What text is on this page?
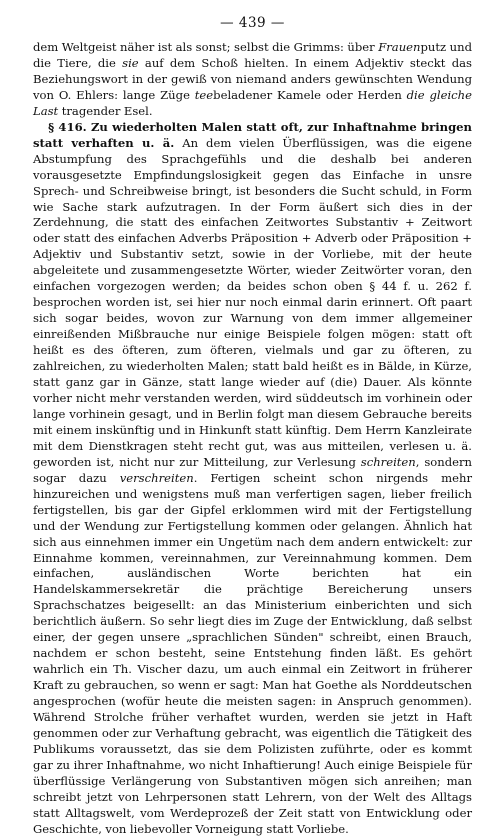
— 439 —

dem Weltgeist näher ist als sonst; selbst die Grimms: über Frauenputz und die Tiere, die sie auf dem Schoß hielten. In einem Adjektiv steckt das Beziehungswort in der gewiß von niemand anders gewünschten Wendung von O. Ehlers: lange Züge teebeladener Kamele oder Herden die gleiche Last tragender Esel.

§ 416. Zu wiederholten Malen statt oft, zur Inhaftnahme bringen statt verhaften u. ä. An dem vielen Überflüssigen, was die eigene Abstumpfung des Sprachgefühls und die deshalb bei anderen vorausgesetzte Empfindungslosigkeit gegen das Einfache in unsre Sprech- und Schreibweise bringt, ist besonders die Sucht schuld, in Form wie Sache stark aufzutragen. In der Form äußert sich dies in der Zerdehnung, die statt des einfachen Zeitwortes Substantiv + Zeitwort oder statt des einfachen Adverbs Präposition + Adverb oder Präposition + Adjektiv und Substantiv setzt, sowie in der Vorliebe, mit der heute abgeleitete und zusammengesetzte Wörter, wieder Zeitwörter voran, den einfachen vorgezogen werden; da beides schon oben § 44 f. u. 262 f. besprochen worden ist, sei hier nur noch einmal darin erinnert. Oft paart sich sogar beides, wovon zur Warnung von dem immer allgemeiner einreißenden Mißbrauche nur einige Beispiele folgen mögen: statt oft heißt es des öfteren, zum öfteren, vielmals und gar zu öfteren, zu zahlreichen, zu wiederholten Malen; statt bald heißt es in Bälde, in Kürze, statt ganz gar in Gänze, statt lange wieder auf (die) Dauer. Als könnte vorher nicht mehr verstanden werden, wird süddeutsch im vorhinein oder lange vorhinein gesagt, und in Berlin folgt man diesem Gebrauche bereits mit einem inskünftig und in Hinkunft statt künftig. Dem Herrn Kanzleirate mit dem Dienstkragen steht recht gut, was aus mitteilen, verlesen u. ä. geworden ist, nicht nur zur Mitteilung, zur Verlesung schreiten, sondern sogar dazu verschreiten. Fertigen scheint schon nirgends mehr hinzureichen und wenigstens muß man verfertigen sagen, lieber freilich fertigstellen, bis gar der Gipfel erklommen wird mit der Fertigstellung und der Wendung zur Fertigstellung kommen oder gelangen. Ähnlich hat sich aus einnehmen immer ein Ungetüm nach dem andern entwickelt: zur Einnahme kommen, vereinnahmen, zur Vereinnahmung kommen. Dem einfachen, ausländischen Worte berichten hat ein Handelskammersekretär die prächtige Bereicherung unsers Sprachschatzes beigesellt: an das Ministerium einberichten und sich berichtlich äußern. So sehr liegt dies im Zuge der Entwicklung, daß selbst einer, der gegen unsere „sprachlichen Sünden" schreibt, einen Brauch, nachdem er schon besteht, seine Entstehung finden läßt. Es gehört wahrlich ein Th. Vischer dazu, um auch einmal ein Zeitwort in früherer Kraft zu gebrauchen, so wenn er sagt: Man hat Goethe als Norddeutschen angesprochen (wofür heute die meisten sagen: in Anspruch genommen). Während Strolche früher verhaftet wurden, werden sie jetzt in Haft genommen oder zur Verhaftung gebracht, was eigentlich die Tätigkeit des Publikums voraussetzt, das sie dem Polizisten zuführte, oder es kommt gar zu ihrer Inhaftnahme, wo nicht Inhaftierung! Auch einige Beispiele für überflüssige Verlängerung von Substantiven mögen sich anreihen; man schreibt jetzt von Lehrpersonen statt Lehrern, von der Welt des Alltags statt Alltagswelt, vom Werdeprozeß der Zeit statt von Entwicklung oder Geschichte, von liebevoller Vorneigung statt Vorliebe.
